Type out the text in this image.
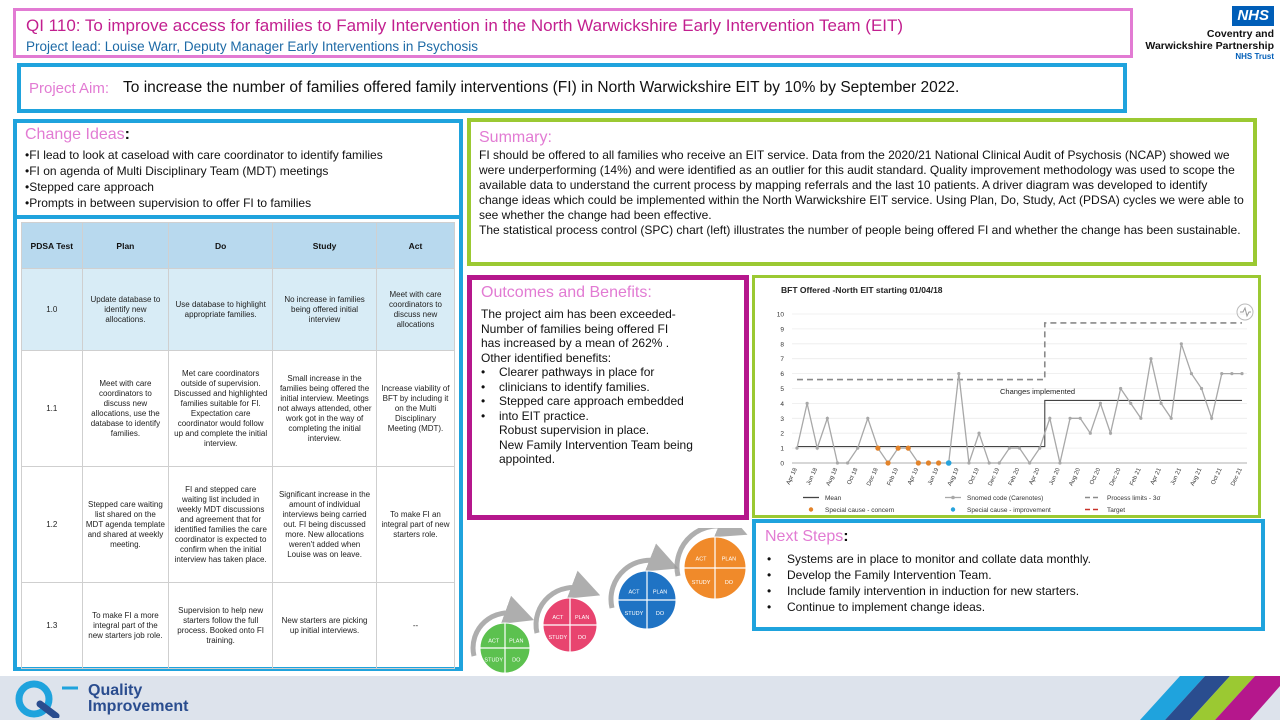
QI 110: To improve access for families to Family Intervention in the North Warwickshire Early Intervention Team (EIT)
Project lead: Louise Warr, Deputy Manager Early Interventions in Psychosis
NHS
Coventry and
Warwickshire Partnership
NHS Trust
Project Aim: To increase the number of families offered family interventions (FI) in North Warwickshire EIT by 10% by September 2022.
Change Ideas:
•FI lead to look at caseload with care coordinator to identify families
•FI on agenda of Multi Disciplinary Team (MDT) meetings
•Stepped care approach
•Prompts in between supervision to offer FI to families
PDSA Test	Plan	Do	Study	Act
1.0	Update database to identify new allocations.	Use database to highlight appropriate families.	No increase in families being offered initial interview	Meet with care coordinators to discuss new allocations
1.1	Meet with care coordinators to discuss new allocations, use the database to identify families.	Met care coordinators outside of supervision. Discussed and highlighted families suitable for FI. Expectation care coordinator would follow up and complete the initial interview.	Small increase in the families being offered the initial interview. Meetings not always attended, other work got in the way of completing the initial interview.	Increase viability of BFT by including it on the Multi Disciplinary Meeting (MDT).
1.2	Stepped care waiting list shared on the MDT agenda template and shared at weekly meeting.	FI and stepped care waiting list included in weekly MDT discussions and agreement that for identified families the care coordinator is expected to confirm when the initial interview has taken place.	Significant increase in the amount of individual interviews being carried out. FI being discussed more. New allocations weren't added when Louise was on leave.	To make FI an integral part of new starters role.
1.3	To make FI a more integral part of the new starters job role.	Supervision to help new starters follow the full process. Booked onto FI training.	New starters are picking up initial interviews.	--
Summary:

FI should be offered to all families who receive an EIT service. Data from the 2020/21 National Clinical Audit of Psychosis (NCAP) showed we were underperforming (14%) and were identified as an outlier for this audit standard. Quality improvement methodology was used to scope the available data to understand the current process by mapping referrals and the last 10 patients. A driver diagram was developed to identify change ideas which could be implemented within the North Warwickshire EIT service. Using Plan, Do, Study, Act (PDSA) cycles we were able to see whether the change had been effective.

The statistical process control (SPC) chart (left) illustrates the number of people being offered FI and whether the change has been sustainable.

Outcomes and Benefits:

The project aim has been exceeded-

Number of families being offered FI

has increased by a mean of 262% .

Other identified benefits:

• Clearer pathways in place for
• clinicians to identify families.
• Stepped care approach embedded
• into EIT practice.
Robust supervision in place.
New Family Intervention Team being
appointed.
BFT Offered -North EIT starting 01/04/18
0
1
2
3
4
5
6
7
8
9
10
Apr 18 Jun 18 Aug 18 Oct 18 Dec 18 Feb 19 Apr 19 Jun 19 Aug 19 Oct 19 Dec 19 Feb 20 Apr 20 Jun 20 Aug 20 Oct 20 Dec 20 Feb 21 Apr 21 Jun 21 Aug 21 Oct 21 Dec 21
Changes implemented
Mean	Snomed code (Carenotes)	Process limits - 3σ
Special cause - concern	Special cause - improvement	Target
Next Steps:
• Systems are in place to monitor and collate data monthly.
• Develop the Family Intervention Team.
• Include family intervention in induction for new starters.
• Continue to implement change ideas.
ACT PLAN
STUDY DO
ACT PLAN
STUDY DO
ACT PLAN
STUDY DO
ACT	PLAN
STUDY	DO
Quality
Improvement
